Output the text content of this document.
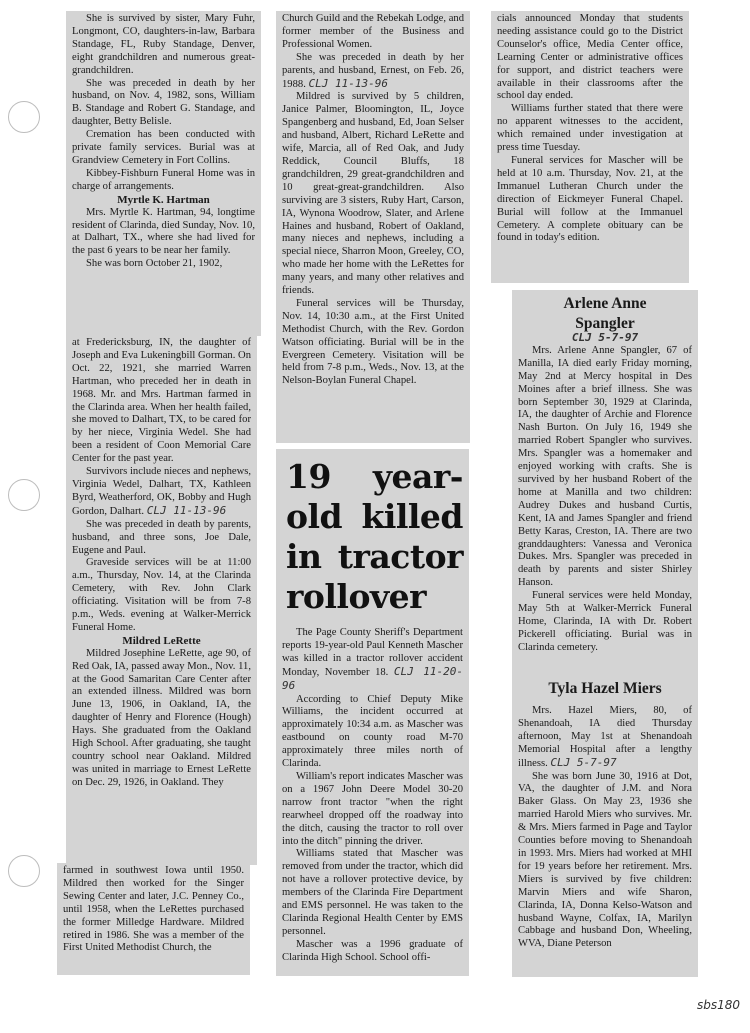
She is survived by sister, Mary Fuhr, Longmont, CO, daughters-in-law, Barbara Standage, FL, Ruby Standage, Denver, eight grandchildren and numerous great-grandchildren.

She was preceded in death by her husband, on Nov. 4, 1982, sons, William B. Standage and Robert G. Standage, and daughter, Betty Belisle.

Cremation has been conducted with private family services. Burial was at Grandview Cemetery in Fort Collins.

Kibbey-Fishburn Funeral Home was in charge of arrangements.

Myrtle K. Hartman

Mrs. Myrtle K. Hartman, 94, longtime resident of Clarinda, died Sunday, Nov. 10, at Dalhart, TX., where she had lived for the past 6 years to be near her family.

She was born October 21, 1902,

at Fredericksburg, IN, the daughter of Joseph and Eva Lukeningbill Gorman. On Oct. 22, 1921, she married Warren Hartman, who preceded her in death in 1968. Mr. and Mrs. Hartman farmed in the Clarinda area. When her health failed, she moved to Dalhart, TX, to be cared for by her niece, Virginia Wedel. She had been a resident of Coon Memorial Care Center for the past year.

Survivors include nieces and nephews, Virginia Wedel, Dalhart, TX, Kathleen Byrd, Weatherford, OK, Bobby and Hugh Gordon, Dalhart. CLJ 11-13-96

She was preceded in death by parents, husband, and three sons, Joe Dale, Eugene and Paul.

Graveside services will be at 11:00 a.m., Thursday, Nov. 14, at the Clarinda Cemetery, with Rev. John Clark officiating. Visitation will be from 7-8 p.m., Weds. evening at Walker-Merrick Funeral Home.

Mildred LeRette

Mildred Josephine LeRette, age 90, of Red Oak, IA, passed away Mon., Nov. 11, at the Good Samaritan Care Center after an extended illness. Mildred was born June 13, 1906, in Oakland, IA, the daughter of Henry and Florence (Hough) Hays. She graduated from the Oakland High School. After graduating, she taught country school near Oakland. Mildred was united in marriage to Ernest LeRette on Dec. 29, 1926, in Oakland. They

farmed in southwest Iowa until 1950. Mildred then worked for the Singer Sewing Center and later, J.C. Penney Co., until 1958, when the LeRettes purchased the former Milledge Hardware. Mildred retired in 1986. She was a member of the First United Methodist Church, the

Church Guild and the Rebekah Lodge, and former member of the Business and Professional Women.

She was preceded in death by her parents, and husband, Ernest, on Feb. 26, 1988. CLJ 11-13-96

Mildred is survived by 5 children, Janice Palmer, Bloomington, IL, Joyce Spangenberg and husband, Ed, Joan Selser and husband, Albert, Richard LeRette and wife, Marcia, all of Red Oak, and Judy Reddick, Council Bluffs, 18 grandchildren, 29 great-grandchildren and 10 great-great-grandchildren. Also surviving are 3 sisters, Ruby Hart, Carson, IA, Wynona Woodrow, Slater, and Arlene Haines and husband, Robert of Oakland, many nieces and nephews, including a special niece, Sharron Moon, Greeley, CO, who made her home with the LeRettes for many years, and many other relatives and friends.

Funeral services will be Thursday, Nov. 14, 10:30 a.m., at the First United Methodist Church, with the Rev. Gordon Watson officiating. Burial will be in the Evergreen Cemetery. Visitation will be held from 7-8 p.m., Weds., Nov. 13, at the Nelson-Boylan Funeral Chapel.

19 year-old killed in tractor rollover

The Page County Sheriff's Department reports 19-year-old Paul Kenneth Mascher was killed in a tractor rollover accident Monday, November 18. CLJ 11-20-96

According to Chief Deputy Mike Williams, the incident occurred at approximately 10:34 a.m. as Mascher was eastbound on county road M-70 approximately three miles north of Clarinda.

William's report indicates Mascher was on a 1967 John Deere Model 30-20 narrow front tractor "when the right rearwheel dropped off the roadway into the ditch, causing the tractor to roll over into the ditch" pinning the driver.

Williams stated that Mascher was removed from under the tractor, which did not have a rollover protective device, by members of the Clarinda Fire Department and EMS personnel. He was taken to the Clarinda Regional Health Center by EMS personnel.

Mascher was a 1996 graduate of Clarinda High School. School offi-

cials announced Monday that students needing assistance could go to the District Counselor's office, Media Center office, Learning Center or administrative offices for support, and district teachers were available in their classrooms after the school day ended.

Williams further stated that there were no apparent witnesses to the accident, which remained under investigation at press time Tuesday.

Funeral services for Mascher will be held at 10 a.m. Thursday, Nov. 21, at the Immanuel Lutheran Church under the direction of Eickmeyer Funeral Chapel. Burial will follow at the Immanuel Cemetery. A complete obituary can be found in today's edition.

Arlene Anne

Spangler

CLJ 5-7-97

Mrs. Arlene Anne Spangler, 67 of Manilla, IA died early Friday morning, May 2nd at Mercy hospital in Des Moines after a brief illness. She was born September 30, 1929 at Clarinda, IA, the daughter of Archie and Florence Nash Burton. On July 16, 1949 she married Robert Spangler who survives. Mrs. Spangler was a homemaker and enjoyed working with crafts. She is survived by her husband Robert of the home at Manilla and two children: Audrey Dukes and husband Curtis, Kent, IA and James Spangler and friend Betty Karas, Creston, IA. There are two granddaughters: Vanessa and Veronica Dukes. Mrs. Spangler was preceded in death by parents and sister Shirley Hanson.

Funeral services were held Monday, May 5th at Walker-Merrick Funeral Home, Clarinda, IA with Dr. Robert Pickerell officiating. Burial was in Clarinda cemetery.

Tyla Hazel Miers

Mrs. Hazel Miers, 80, of Shenandoah, IA died Thursday afternoon, May 1st at Shenandoah Memorial Hospital after a lengthy illness. CLJ 5-7-97

She was born June 30, 1916 at Dot, VA, the daughter of J.M. and Nora Baker Glass. On May 23, 1936 she married Harold Miers who survives. Mr. & Mrs. Miers farmed in Page and Taylor Counties before moving to Shenandoah in 1993. Mrs. Miers had worked at MHI for 19 years before her retirement. Mrs. Miers is survived by five children: Marvin Miers and wife Sharon, Clarinda, IA, Donna Kelso-Watson and husband Wayne, Colfax, IA, Marilyn Cabbage and husband Don, Wheeling, WVA, Diane Peterson

sbs180
